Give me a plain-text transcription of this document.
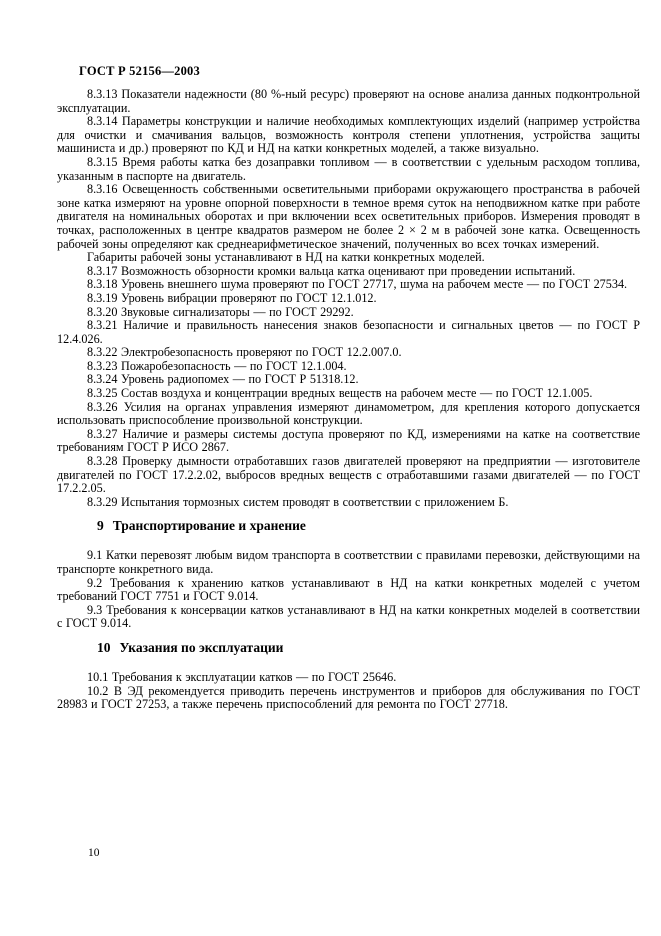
ГОСТ Р 52156—2003

8.3.13 Показатели надежности (80 %-ный ресурс) проверяют на основе анализа данных подконтрольной эксплуатации.

8.3.14 Параметры конструкции и наличие необходимых комплектующих изделий (например устройства для очистки и смачивания вальцов, возможность контроля степени уплотнения, устройства защиты машиниста и др.) проверяют по КД и НД на катки конкретных моделей, а также визуально.

8.3.15 Время работы катка без дозаправки топливом — в соответствии с удельным расходом топлива, указанным в паспорте на двигатель.

8.3.16 Освещенность собственными осветительными приборами окружающего пространства в рабочей зоне катка измеряют на уровне опорной поверхности в темное время суток на неподвижном катке при работе двигателя на номинальных оборотах и при включении всех осветительных приборов. Измерения проводят в точках, расположенных в центре квадратов размером не более 2 × 2 м в рабочей зоне катка. Освещенность рабочей зоны определяют как среднеарифметическое значений, полученных во всех точках измерений.

Габариты рабочей зоны устанавливают в НД на катки конкретных моделей.

8.3.17 Возможность обзорности кромки вальца катка оценивают при проведении испытаний.

8.3.18 Уровень внешнего шума проверяют по ГОСТ 27717, шума на рабочем месте — по ГОСТ 27534.

8.3.19 Уровень вибрации проверяют по ГОСТ 12.1.012.

8.3.20 Звуковые сигнализаторы — по ГОСТ 29292.

8.3.21 Наличие и правильность нанесения знаков безопасности и сигнальных цветов — по ГОСТ Р 12.4.026.

8.3.22 Электробезопасность проверяют по ГОСТ 12.2.007.0.

8.3.23 Пожаробезопасность — по ГОСТ 12.1.004.

8.3.24 Уровень радиопомех — по ГОСТ Р 51318.12.

8.3.25 Состав воздуха и концентрации вредных веществ на рабочем месте — по ГОСТ 12.1.005.

8.3.26 Усилия на органах управления измеряют динамометром, для крепления которого допускается использовать приспособление произвольной конструкции.

8.3.27 Наличие и размеры системы доступа проверяют по КД, измерениями на катке на соответствие требованиям ГОСТ Р ИСО 2867.

8.3.28 Проверку дымности отработавших газов двигателей проверяют на предприятии — изготовителе двигателей по ГОСТ 17.2.2.02, выбросов вредных веществ с отработавшими газами двигателей — по ГОСТ 17.2.2.05.

8.3.29 Испытания тормозных систем проводят в соответствии с приложением Б.

9 Транспортирование и хранение

9.1 Катки перевозят любым видом транспорта в соответствии с правилами перевозки, действующими на транспорте конкретного вида.

9.2 Требования к хранению катков устанавливают в НД на катки конкретных моделей с учетом требований ГОСТ 7751 и ГОСТ 9.014.

9.3 Требования к консервации катков устанавливают в НД на катки конкретных моделей в соответствии с ГОСТ 9.014.

10 Указания по эксплуатации

10.1 Требования к эксплуатации катков — по ГОСТ 25646.

10.2 В ЭД рекомендуется приводить перечень инструментов и приборов для обслуживания по ГОСТ 28983 и ГОСТ 27253, а также перечень приспособлений для ремонта по ГОСТ 27718.

10
